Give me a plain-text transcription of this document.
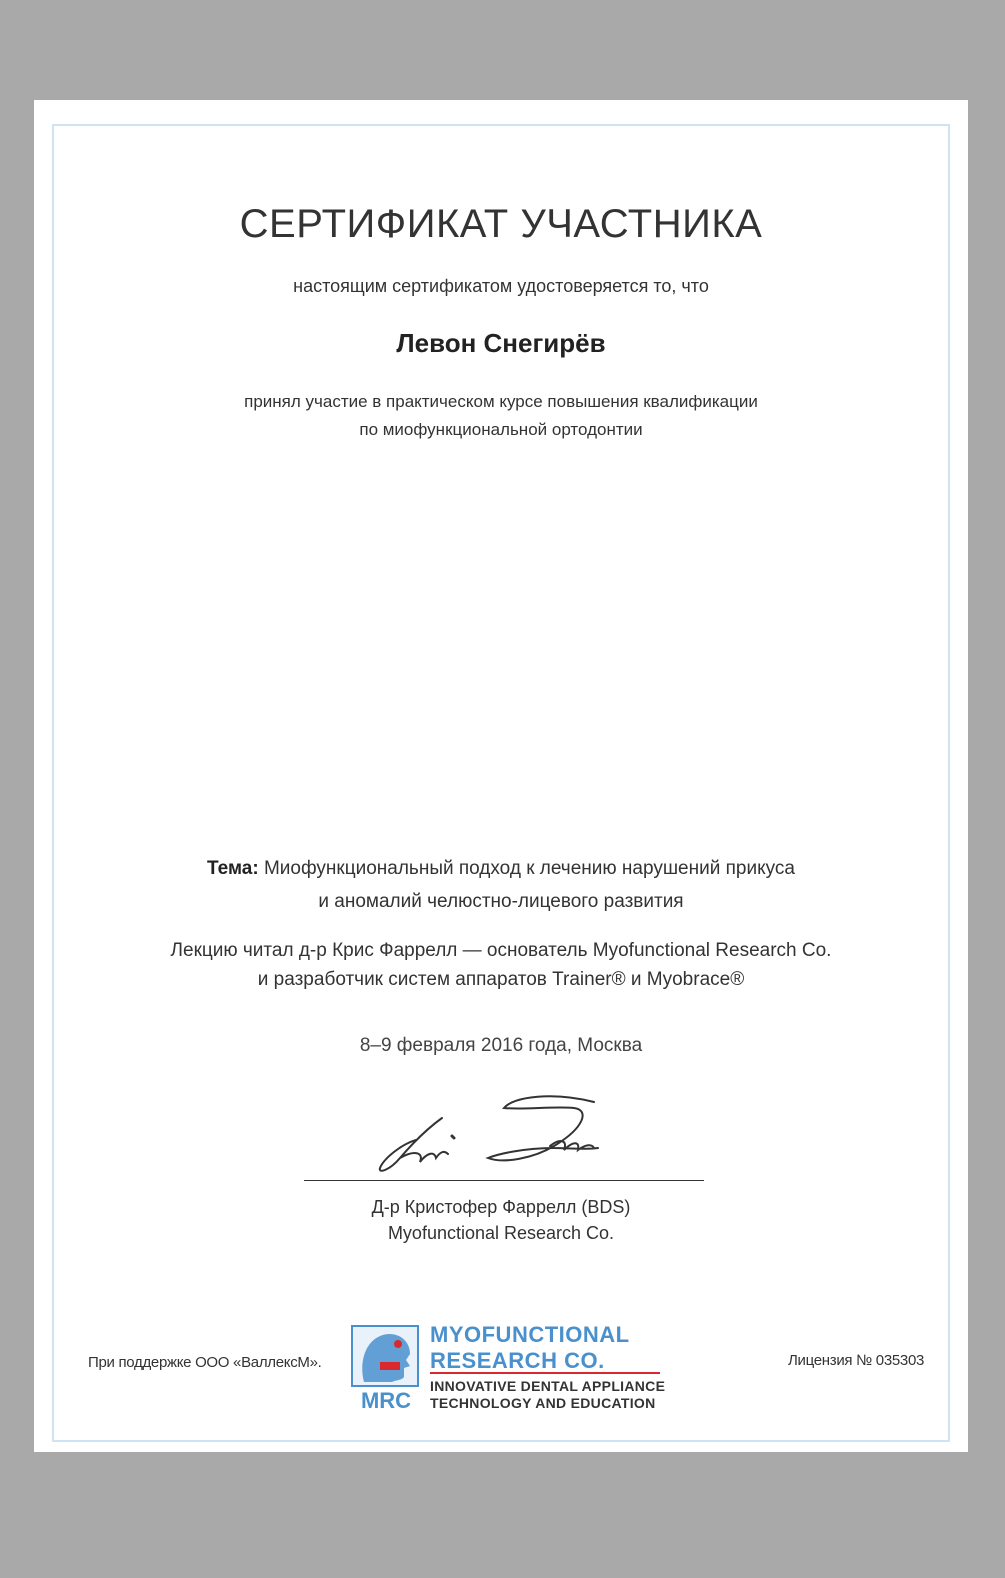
СЕРТИФИКАТ УЧАСТНИКА
настоящим сертификатом удостоверяется то, что
Левон Снегирёв
принял участие в практическом курсе повышения квалификации
по миофункциональной ортодонтии
Тема: Миофункциональный подход к лечению нарушений прикуса
и аномалий челюстно-лицевого развития
Лекцию читал д-р Крис Фаррелл — основатель Myofunctional Research Co.
и разработчик систем аппаратов Trainer® и Myobrace®
8–9 февраля 2016 года, Москва
Д-р Кристофер Фаррелл (BDS)
Myofunctional Research Co.
При поддержке ООО «ВаллексМ».
MRC
MYOFUNCTIONAL
RESEARCH CO.
INNOVATIVE DENTAL APPLIANCE
TECHNOLOGY AND EDUCATION
Лицензия № 035303
